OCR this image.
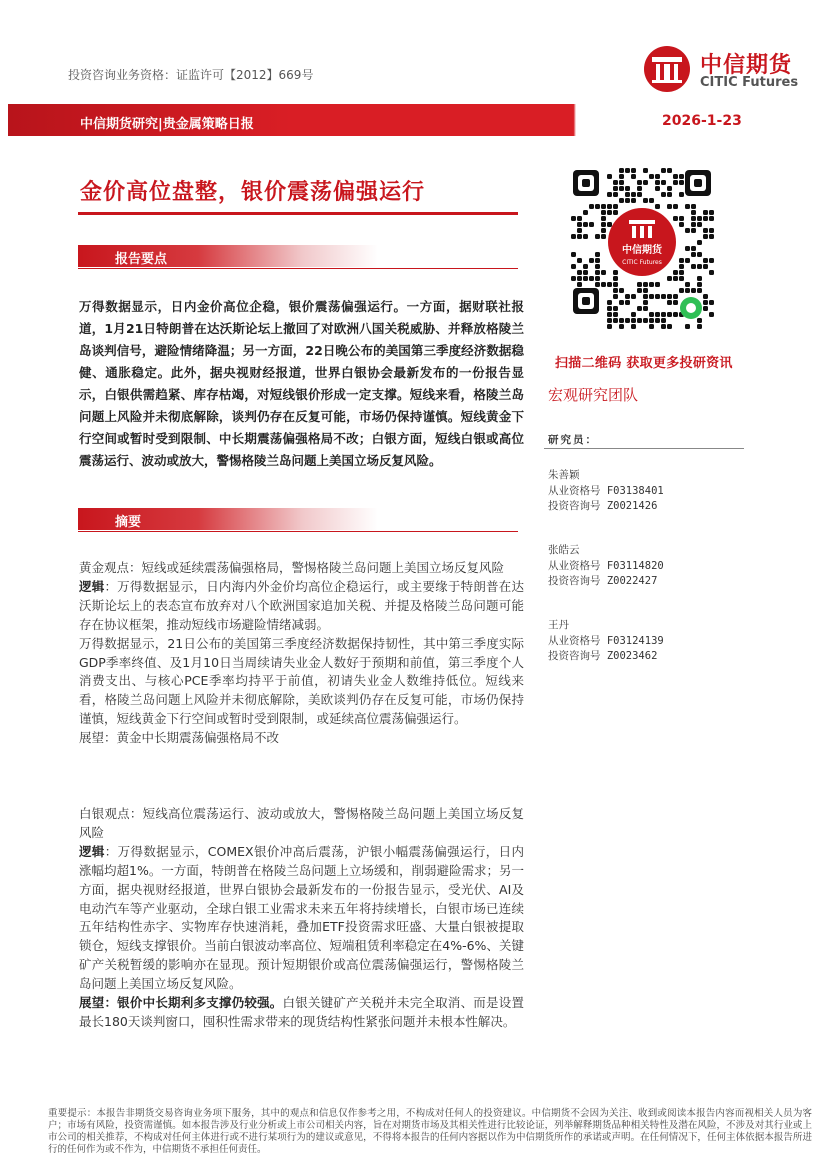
投资咨询业务资格：证监许可【2012】669号	中信期货
CITIC Futures
中信期货研究|贵金属策略日报	2026-1-23
金价高位盘整，银价震荡偏强运行
报告要点
万得数据显示，日内金价高位企稳，银价震荡偏强运行。一方面，据财联社报道，1月21日特朗普在达沃斯论坛上撤回了对欧洲八国关税威胁、并释放格陵兰岛谈判信号，避险情绪降温；另一方面，22日晚公布的美国第三季度经济数据稳健、通胀稳定。此外，据央视财经报道，世界白银协会最新发布的一份报告显示，白银供需趋紧、库存枯竭，对短线银价形成一定支撑。短线来看，格陵兰岛问题上风险并未彻底解除，谈判仍存在反复可能，市场仍保持谨慎。短线黄金下行空间或暂时受到限制、中长期震荡偏强格局不改；白银方面，短线白银或高位震荡运行、波动或放大，警惕格陵兰岛问题上美国立场反复风险。
摘要
黄金观点：短线或延续震荡偏强格局，警惕格陵兰岛问题上美国立场反复风险
逻辑：万得数据显示，日内海内外金价均高位企稳运行，或主要缘于特朗普在达沃斯论坛上的表态宣布放弃对八个欧洲国家追加关税、并提及格陵兰岛问题可能存在协议框架，推动短线市场避险情绪减弱。
万得数据显示，21日公布的美国第三季度经济数据保持韧性，其中第三季度实际GDP季率终值、及1月10日当周续请失业金人数好于预期和前值，第三季度个人消费支出、与核心PCE季率均持平于前值，初请失业金人数维持低位。短线来看，格陵兰岛问题上风险并未彻底解除，美欧谈判仍存在反复可能，市场仍保持谨慎，短线黄金下行空间或暂时受到限制，或延续高位震荡偏强运行。
展望：黄金中长期震荡偏强格局不改
白银观点：短线高位震荡运行、波动或放大，警惕格陵兰岛问题上美国立场反复风险
逻辑：万得数据显示，COMEX银价冲高后震荡，沪银小幅震荡偏强运行，日内涨幅均超1%。一方面，特朗普在格陵兰岛问题上立场缓和，削弱避险需求；另一方面，据央视财经报道，世界白银协会最新发布的一份报告显示，受光伏、AI及电动汽车等产业驱动，全球白银工业需求未来五年将持续增长，白银市场已连续五年结构性赤字、实物库存快速消耗，叠加ETF投资需求旺盛、大量白银被提取锁仓，短线支撑银价。当前白银波动率高位、短端租赁利率稳定在4%-6%、关键矿产关税暂缓的影响亦在显现。预计短期银价或高位震荡偏强运行，警惕格陵兰岛问题上美国立场反复风险。
展望：银价中长期利多支撑仍较强。白银关键矿产关税并未完全取消、而是设置最长180天谈判窗口，囤积性需求带来的现货结构性紧张问题并未根本性解决。
中信期货
CITIC Futures
扫描二维码 获取更多投研资讯
宏观研究团队
研究员：
朱善颖
从业资格号 F03138401
投资咨询号 Z0021426
张皓云
从业资格号 F03114820
投资咨询号 Z0022427
王丹
从业资格号 F03124139
投资咨询号 Z0023462
重要提示：本报告非期货交易咨询业务项下服务，其中的观点和信息仅作参考之用，不构成对任何人的投资建议。中信期货不会因为关注、收到或阅读本报告内容而视相关人员为客户；市场有风险，投资需谨慎。如本报告涉及行业分析或上市公司相关内容，旨在对期货市场及其相关性进行比较论证，列举解释期货品种相关特性及潜在风险，不涉及对其行业或上市公司的相关推荐，不构成对任何主体进行或不进行某项行为的建议或意见，不得将本报告的任何内容据以作为中信期货所作的承诺或声明。在任何情况下，任何主体依据本报告所进行的任何作为或不作为，中信期货不承担任何责任。
